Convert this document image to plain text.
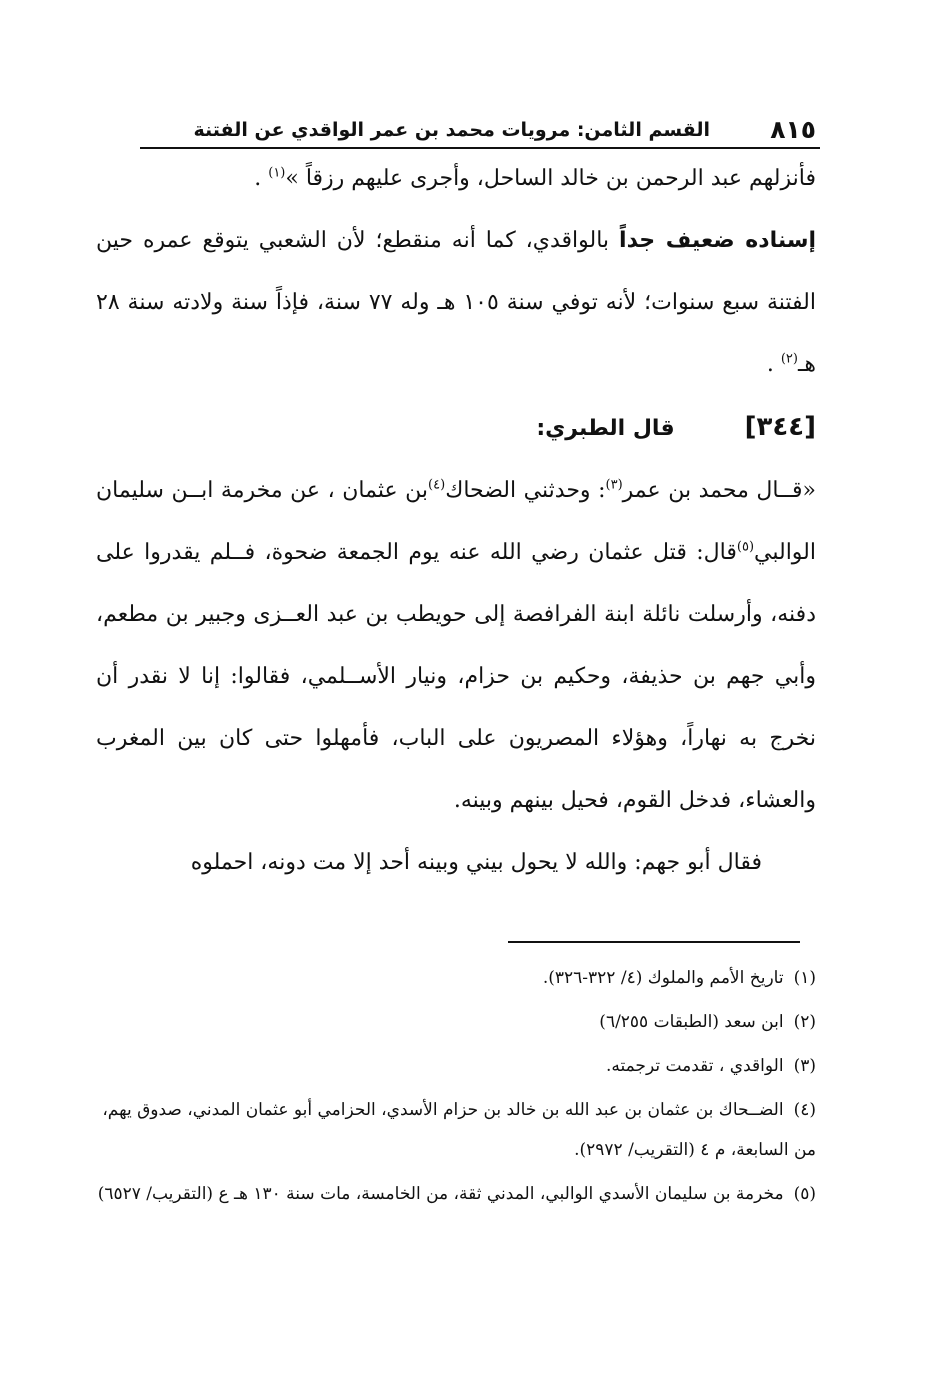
٨١٥
القسم الثامن: مرويات محمد بن عمر الواقدي عن الفتنة

فأنزلهم عبد الرحمن بن خالد الساحل، وأجرى عليهم رزقاً »$^{(١)}$ .

إسناده ضعيف جداً بالواقدي، كما أنه منقطع؛ لأن الشعبي يتوقع عمره حين الفتنة سبع سنوات؛ لأنه توفي سنة ١٠٥ هـ وله ٧٧ سنة، فإذاً سنة ولادته سنة ٢٨ هـ$^{(٢)}$ .

[٣٤٤]قال الطبري:

«قــال محمد بن عمر$^{(٣)}$: وحدثني الضحاك$^{(٤)}$بن عثمان ، عن مخرمة ابــن سليمان الوالبي$^{(٥)}$قال: قتل عثمان رضي الله عنه يوم الجمعة ضحوة، فــلم يقدروا على دفنه، وأرسلت نائلة ابنة الفرافصة إلى حويطب بن عبد العــزى وجبير بن مطعم، وأبي جهم بن حذيفة، وحكيم بن حزام، ونيار الأســلمي، فقالوا: إنا لا نقدر أن نخرج به نهاراً، وهؤلاء المصريون على الباب، فأمهلوا حتى كان بين المغرب والعشاء، فدخل القوم، فحيل بينهم وبينه.

فقال أبو جهم: والله لا يحول بيني وبينه أحد إلا مت دونه، احملوه

(١)تاريخ الأمم والملوك (٤/ ٣٢٢-٣٢٦).

(٢)ابن سعد (الطبقات ٦/٢٥٥)

(٣)الواقدي ، تقدمت ترجمته.

(٤)الضــحاك بن عثمان بن عبد الله بن خالد بن حزام الأسدي، الحزامي أبو عثمان المدني، صدوق يهم، من السابعة، م ٤ (التقريب/ ٢٩٧٢).

(٥)مخرمة بن سليمان الأسدي الوالبي، المدني ثقة، من الخامسة، مات سنة ١٣٠ هـ ع (التقريب/ ٦٥٢٧)
